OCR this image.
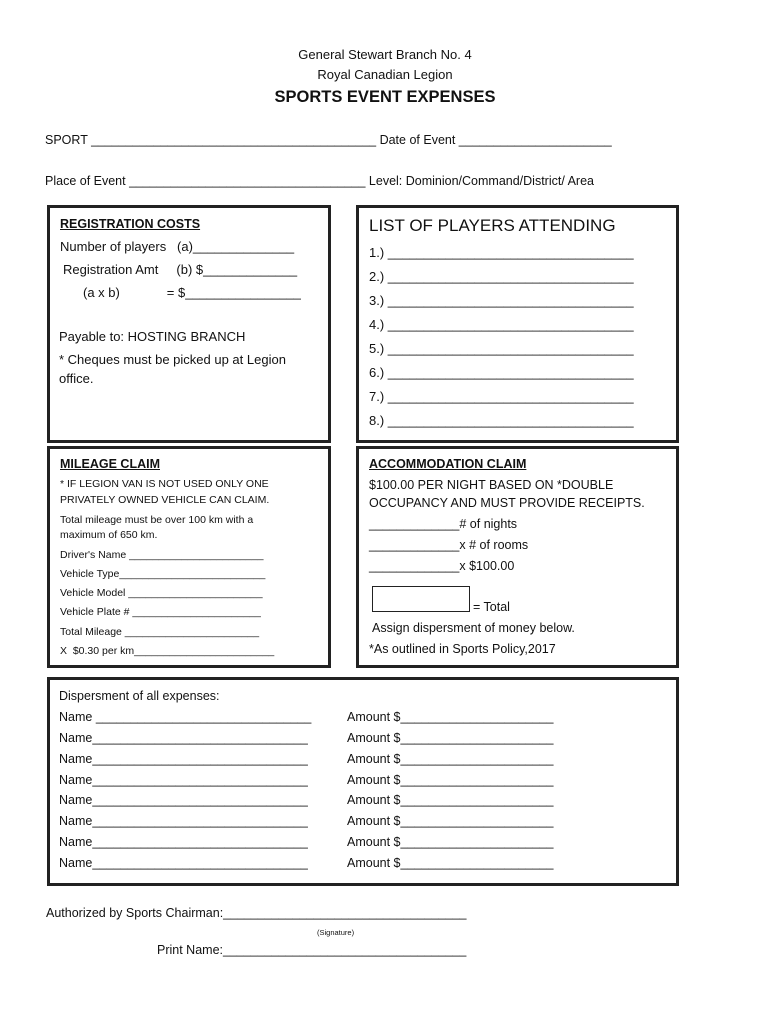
General Stewart Branch No. 4
Royal Canadian Legion
SPORTS EVENT EXPENSES
SPORT _________________________________________ Date of Event ______________________
Place of Event __________________________________ Level: Dominion/Command/District/ Area
REGISTRATION COSTS
Number of players   (a)______________
Registration Amt     (b) $_____________
(a x b)             = $________________
Payable to: HOSTING BRANCH
* Cheques must be picked up at Legion
office.
LIST OF PLAYERS ATTENDING
1.) __________________________________
2.) __________________________________
3.) __________________________________
4.) __________________________________
5.) __________________________________
6.) __________________________________
7.) __________________________________
8.) __________________________________
MILEAGE CLAIM
* IF LEGION VAN IS NOT USED ONLY ONE
PRIVATELY OWNED VEHICLE CAN CLAIM.
Total mileage must be over 100 km with a
maximum of 650 km.
Driver's Name _______________________
Vehicle Type_________________________
Vehicle Model _______________________
Vehicle Plate # ______________________
Total Mileage _______________________
X  $0.30 per km________________________
ACCOMMODATION CLAIM
$100.00 PER NIGHT BASED ON *DOUBLE
OCCUPANCY AND MUST PROVIDE RECEIPTS.
_____________# of nights
_____________x # of rooms
_____________x $100.00
= Total
Assign dispersment of money below.
*As outlined in Sports Policy,2017
Dispersment of all expenses:
Name _______________________________
Name_______________________________
Name_______________________________
Name_______________________________
Name_______________________________
Name_______________________________
Name_______________________________
Name_______________________________
Amount $______________________
Amount $______________________
Amount $______________________
Amount $______________________
Amount $______________________
Amount $______________________
Amount $______________________
Amount $______________________
Authorized by Sports Chairman:___________________________________
(Signature)
Print Name:___________________________________
